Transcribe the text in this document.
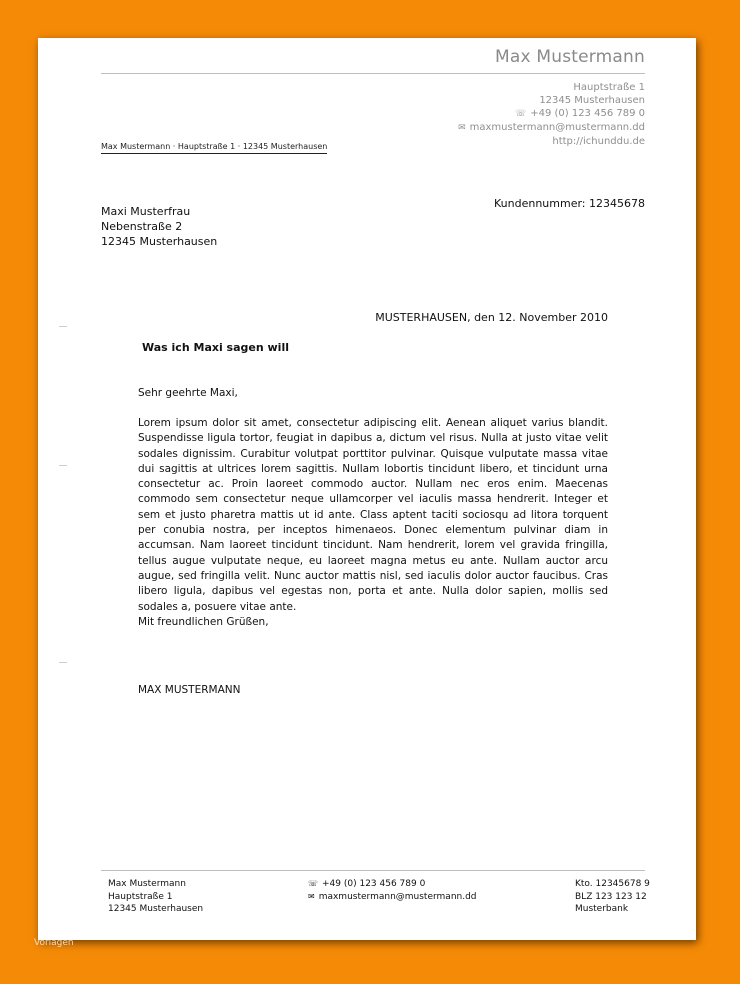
Max Mustermann
Hauptstraße 1
12345 Musterhausen
☏ +49 (0) 123 456 789 0
✉ maxmustermann@mustermann.dd
http://ichunddu.de
Max Mustermann · Hauptstraße 1 · 12345 Musterhausen
Kundennummer: 12345678
Maxi Musterfrau
Nebenstraße 2
12345 Musterhausen
MUSTERHAUSEN, den 12. November 2010
Was ich Maxi sagen will
Sehr geehrte Maxi,
Lorem ipsum dolor sit amet, consectetur adipiscing elit. Aenean aliquet varius blandit. Suspendisse ligula tortor, feugiat in dapibus a, dictum vel risus. Nulla at justo vitae velit sodales dignissim. Curabitur volutpat porttitor pulvinar. Quisque vulputate massa vitae dui sagittis at ultrices lorem sagittis. Nullam lobortis tincidunt libero, et tincidunt urna consectetur ac. Proin laoreet commodo auctor. Nullam nec eros enim. Maecenas commodo sem consectetur neque ullamcorper vel iaculis massa hendrerit. Integer et sem et justo pharetra mattis ut id ante. Class aptent taciti sociosqu ad litora torquent per conubia nostra, per inceptos himenaeos. Donec elementum pulvinar diam in accumsan. Nam laoreet tincidunt tincidunt. Nam hendrerit, lorem vel gravida fringilla, tellus augue vulputate neque, eu laoreet magna metus eu ante. Nullam auctor arcu augue, sed fringilla velit. Nunc auctor mattis nisl, sed iaculis dolor auctor faucibus. Cras libero ligula, dapibus vel egestas non, porta et ante. Nulla dolor sapien, mollis sed sodales a, posuere vitae ante.
Mit freundlichen Grüßen,
MAX MUSTERMANN
Max Mustermann
Hauptstraße 1
12345 Musterhausen
☏ +49 (0) 123 456 789 0
✉ maxmustermann@mustermann.dd
Kto. 12345678 9
BLZ 123 123 12
Musterbank
Vorlagen
